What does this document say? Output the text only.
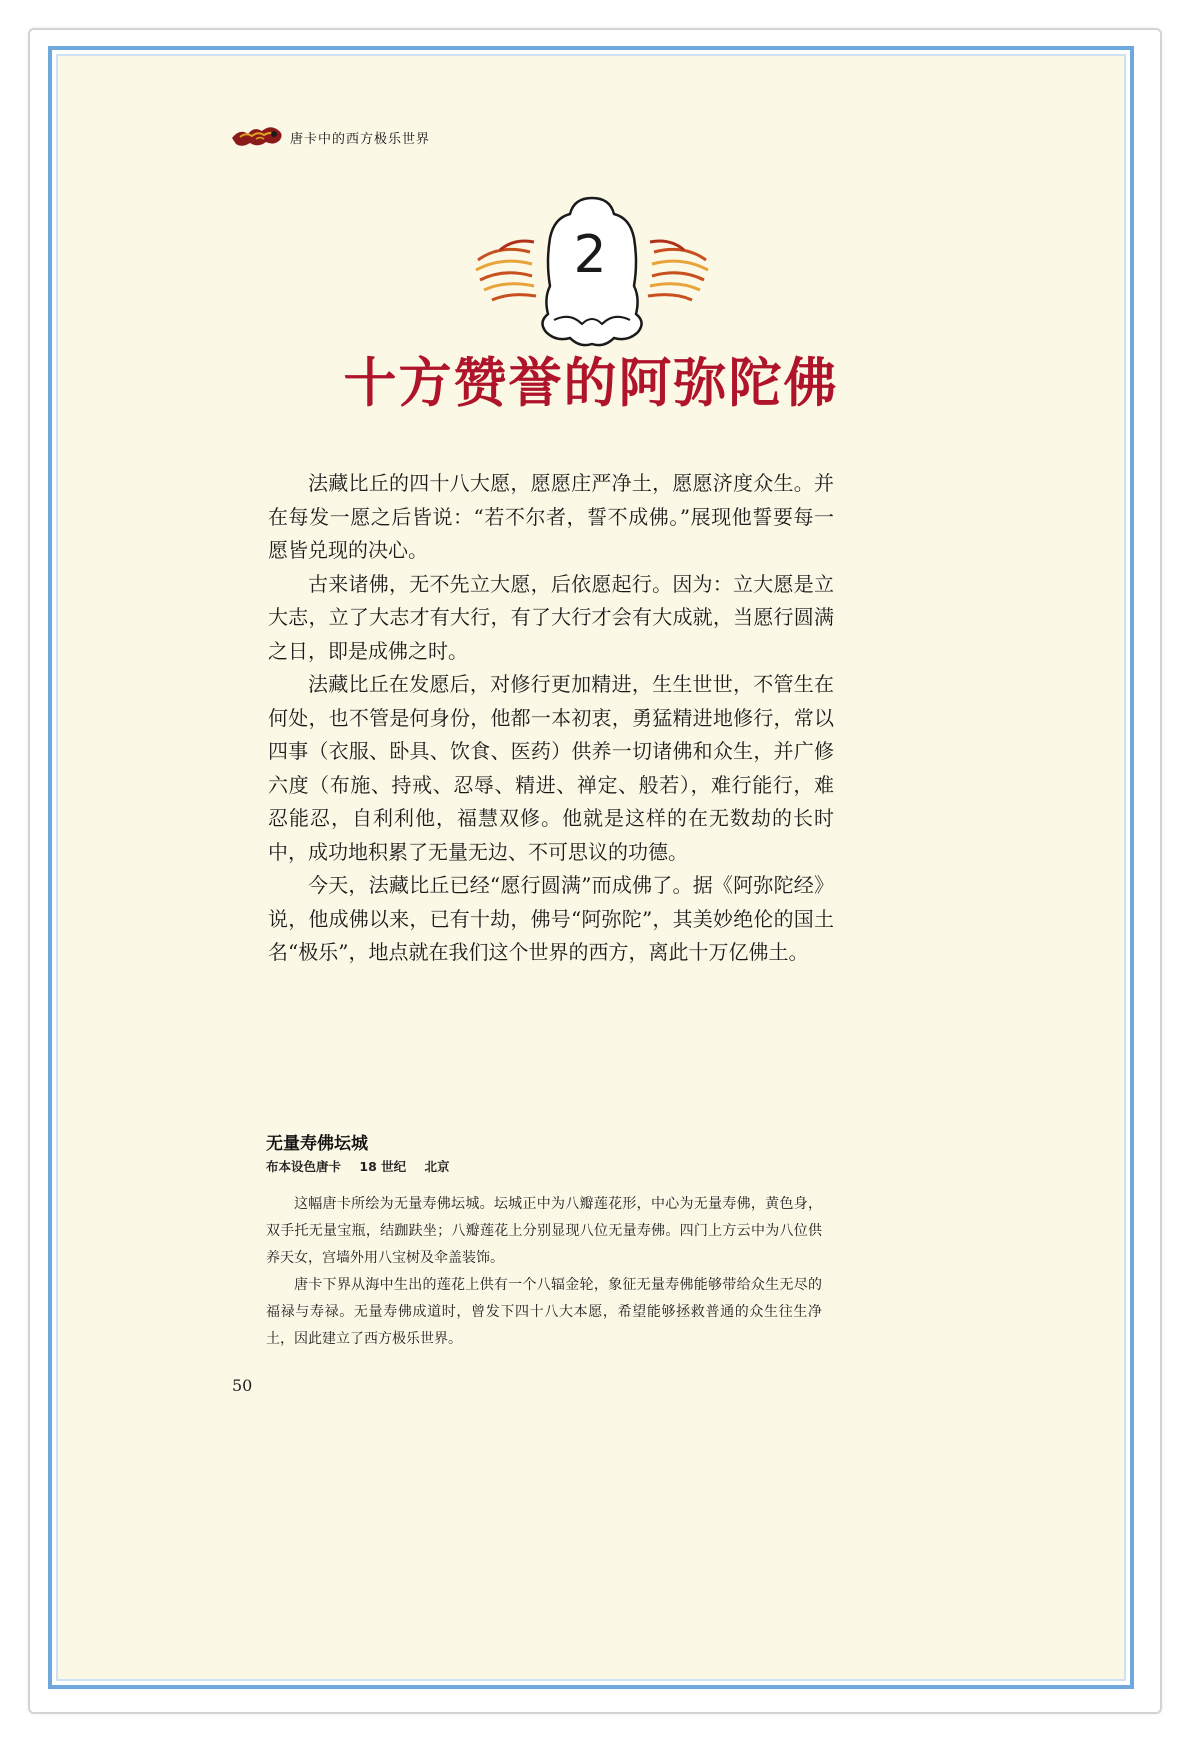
唐卡中的西方极乐世界
2
十方赞誉的阿弥陀佛

法藏比丘的四十八大愿，愿愿庄严净土，愿愿济度众生。并在每发一愿之后皆说：“若不尔者，誓不成佛。”展现他誓要每一愿皆兑现的决心。

古来诸佛，无不先立大愿，后依愿起行。因为：立大愿是立大志，立了大志才有大行，有了大行才会有大成就，当愿行圆满之日，即是成佛之时。

法藏比丘在发愿后，对修行更加精进，生生世世，不管生在何处，也不管是何身份，他都一本初衷，勇猛精进地修行，常以四事（衣服、卧具、饮食、医药）供养一切诸佛和众生，并广修六度（布施、持戒、忍辱、精进、禅定、般若），难行能行，难忍能忍，自利利他，福慧双修。他就是这样的在无数劫的长时中，成功地积累了无量无边、不可思议的功德。

今天，法藏比丘已经“愿行圆满”而成佛了。据《阿弥陀经》说，他成佛以来，已有十劫，佛号“阿弥陀”，其美妙绝伦的国土名“极乐”，地点就在我们这个世界的西方，离此十万亿佛土。

无量寿佛坛城
布本设色唐卡 18 世纪 北京

这幅唐卡所绘为无量寿佛坛城。坛城正中为八瓣莲花形，中心为无量寿佛，黄色身，双手托无量宝瓶，结跏趺坐；八瓣莲花上分别显现八位无量寿佛。四门上方云中为八位供养天女，宫墙外用八宝树及伞盖装饰。

唐卡下界从海中生出的莲花上供有一个八辐金轮，象征无量寿佛能够带给众生无尽的福禄与寿禄。无量寿佛成道时，曾发下四十八大本愿，希望能够拯救普通的众生往生净土，因此建立了西方极乐世界。

50
